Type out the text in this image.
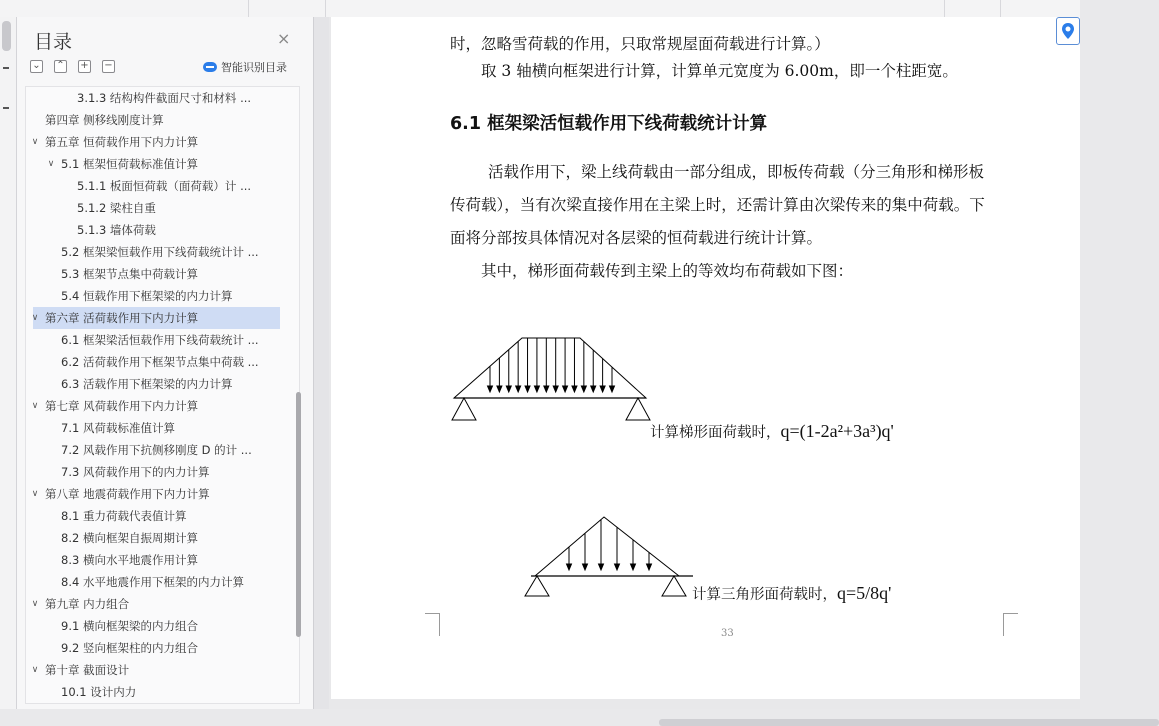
目录	×
⌄ ⌃ + −	智能识别目录
3.1.3 结构构件截面尺寸和材料 ...
第四章 侧移线刚度计算
∨ 第五章 恒荷载作用下内力计算
∨ 5.1 框架恒荷载标准值计算
5.1.1 板面恒荷载（面荷载）计 ...
5.1.2 梁柱自重
5.1.3 墙体荷载
5.2 框架梁恒载作用下线荷载统计计 ...
5.3 框架节点集中荷载计算
5.4 恒载作用下框架梁的内力计算
∨ 第六章 活荷载作用下内力计算
6.1 框架梁活恒载作用下线荷载统计 ...
6.2 活荷载作用下框架节点集中荷载 ...
6.3 活载作用下框架梁的内力计算
∨ 第七章 风荷载作用下内力计算
7.1 风荷载标准值计算
7.2 风载作用下抗侧移刚度 D 的计 ...
7.3 风荷载作用下的内力计算
∨ 第八章 地震荷载作用下内力计算
8.1 重力荷载代表值计算
8.2 横向框架自振周期计算
8.3 横向水平地震作用计算
8.4 水平地震作用下框架的内力计算
∨ 第九章 内力组合
9.1 横向框架梁的内力组合
9.2 竖向框架柱的内力组合
∨ 第十章 截面设计
10.1 设计内力
时，忽略雪荷载的作用，只取常规屋面荷载进行计算。）
取 3 轴横向框架进行计算，计算单元宽度为 6.00m，即一个柱距宽。
6.1 框架梁活恒载作用下线荷载统计计算
活载作用下，梁上线荷载由一部分组成，即板传荷载（分三角形和梯形板
传荷载），当有次梁直接作用在主梁上时，还需计算由次梁传来的集中荷载。下
面将分部按具体情况对各层梁的恒荷载进行统计计算。
其中，梯形面荷载传到主梁上的等效均布荷载如下图：
计算梯形面荷载时，q=(1-2a²+3a³)q'
计算三角形面荷载时，q=5/8q'
33
